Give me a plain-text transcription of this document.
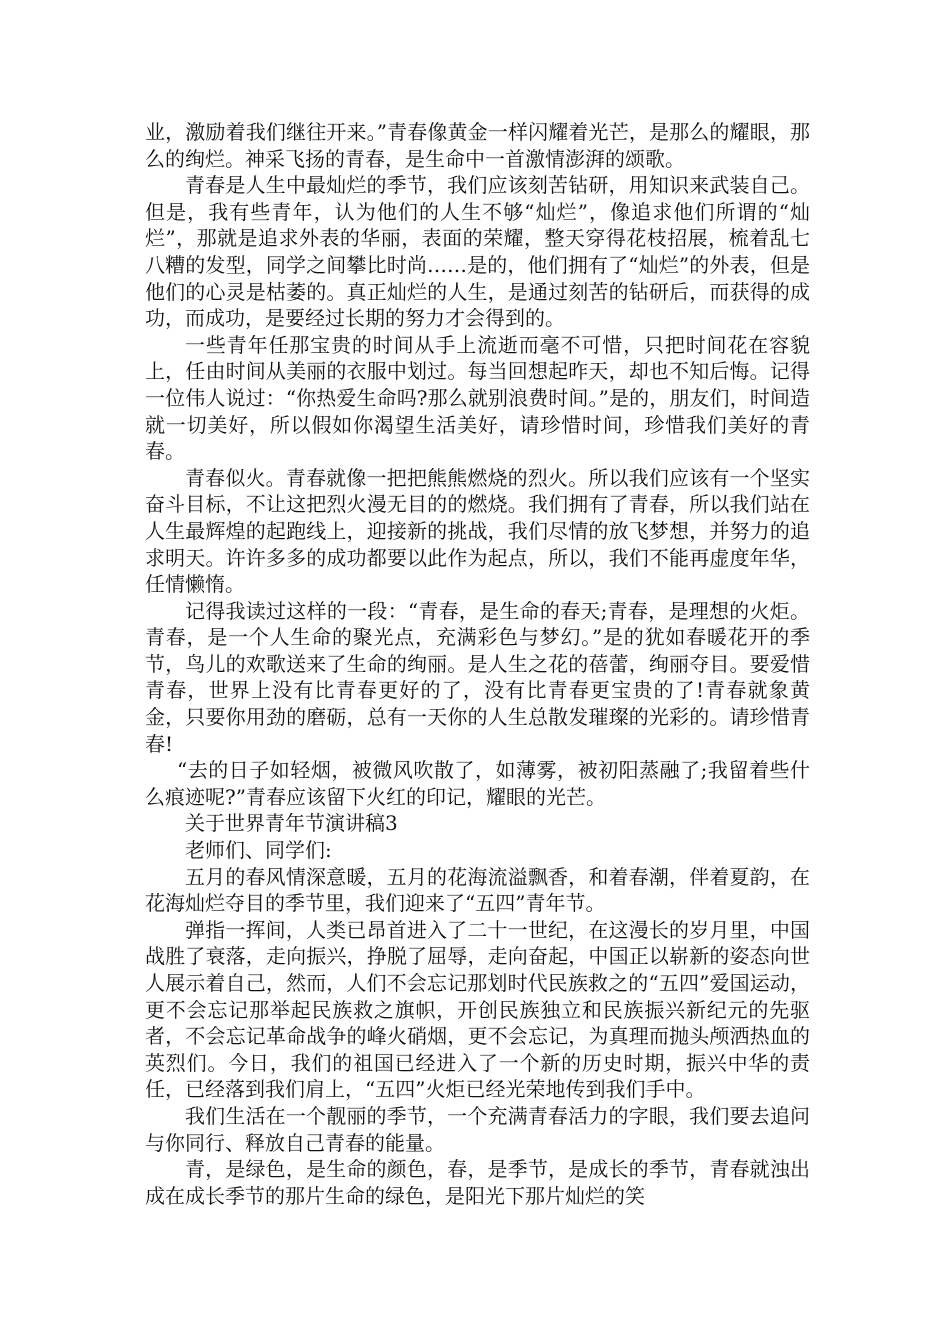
业，激励着我们继往开来。”青春像黄金一样闪耀着光芒，是那么的耀眼，那么的绚烂。神采飞扬的青春，是生命中一首激情澎湃的颂歌。

青春是人生中最灿烂的季节，我们应该刻苦钻研，用知识来武装自己。但是，我有些青年，认为他们的人生不够“灿烂”，像追求他们所谓的“灿烂”，那就是追求外表的华丽，表面的荣耀，整天穿得花枝招展，梳着乱七八糟的发型，同学之间攀比时尚……是的，他们拥有了“灿烂”的外表，但是他们的心灵是枯萎的。真正灿烂的人生，是通过刻苦的钻研后，而获得的成功，而成功，是要经过长期的努力才会得到的。

一些青年任那宝贵的时间从手上流逝而毫不可惜，只把时间花在容貌上，任由时间从美丽的衣服中划过。每当回想起昨天，却也不知后悔。记得一位伟人说过：“你热爱生命吗?那么就别浪费时间。”是的，朋友们，时间造就一切美好，所以假如你渴望生活美好，请珍惜时间，珍惜我们美好的青春。

青春似火。青春就像一把把熊熊燃烧的烈火。所以我们应该有一个坚实奋斗目标，不让这把烈火漫无目的的燃烧。我们拥有了青春，所以我们站在人生最辉煌的起跑线上，迎接新的挑战，我们尽情的放飞梦想，并努力的追求明天。许许多多的成功都要以此作为起点，所以，我们不能再虚度年华，任情懒惰。

记得我读过这样的一段：“青春，是生命的春天;青春，是理想的火炬。青春，是一个人生命的聚光点，充满彩色与梦幻。”是的犹如春暖花开的季节，鸟儿的欢歌送来了生命的绚丽。是人生之花的蓓蕾，绚丽夺目。要爱惜青春，世界上没有比青春更好的了，没有比青春更宝贵的了!青春就象黄金，只要你用劲的磨砺，总有一天你的人生总散发璀璨的光彩的。请珍惜青春!

“去的日子如轻烟，被微风吹散了，如薄雾，被初阳蒸融了;我留着些什么痕迹呢?”青春应该留下火红的印记，耀眼的光芒。

关于世界青年节演讲稿3

老师们、同学们:

五月的春风情深意暖，五月的花海流溢飘香，和着春潮，伴着夏韵，在花海灿烂夺目的季节里，我们迎来了“五四”青年节。

弹指一挥间，人类已昂首进入了二十一世纪，在这漫长的岁月里，中国战胜了衰落，走向振兴，挣脱了屈辱，走向奋起，中国正以崭新的姿态向世人展示着自己，然而，人们不会忘记那划时代民族救之的“五四”爱国运动，更不会忘记那举起民族救之旗帜，开创民族独立和民族振兴新纪元的先驱者，不会忘记革命战争的峰火硝烟，更不会忘记，为真理而抛头颅洒热血的英烈们。今日，我们的祖国已经进入了一个新的历史时期，振兴中华的责任，已经落到我们肩上，“五四”火炬已经光荣地传到我们手中。

我们生活在一个靓丽的季节，一个充满青春活力的字眼，我们要去追问与你同行、释放自己青春的能量。

青，是绿色，是生命的颜色，春，是季节，是成长的季节，青春就浊出成在成长季节的那片生命的绿色，是阳光下那片灿烂的笑
